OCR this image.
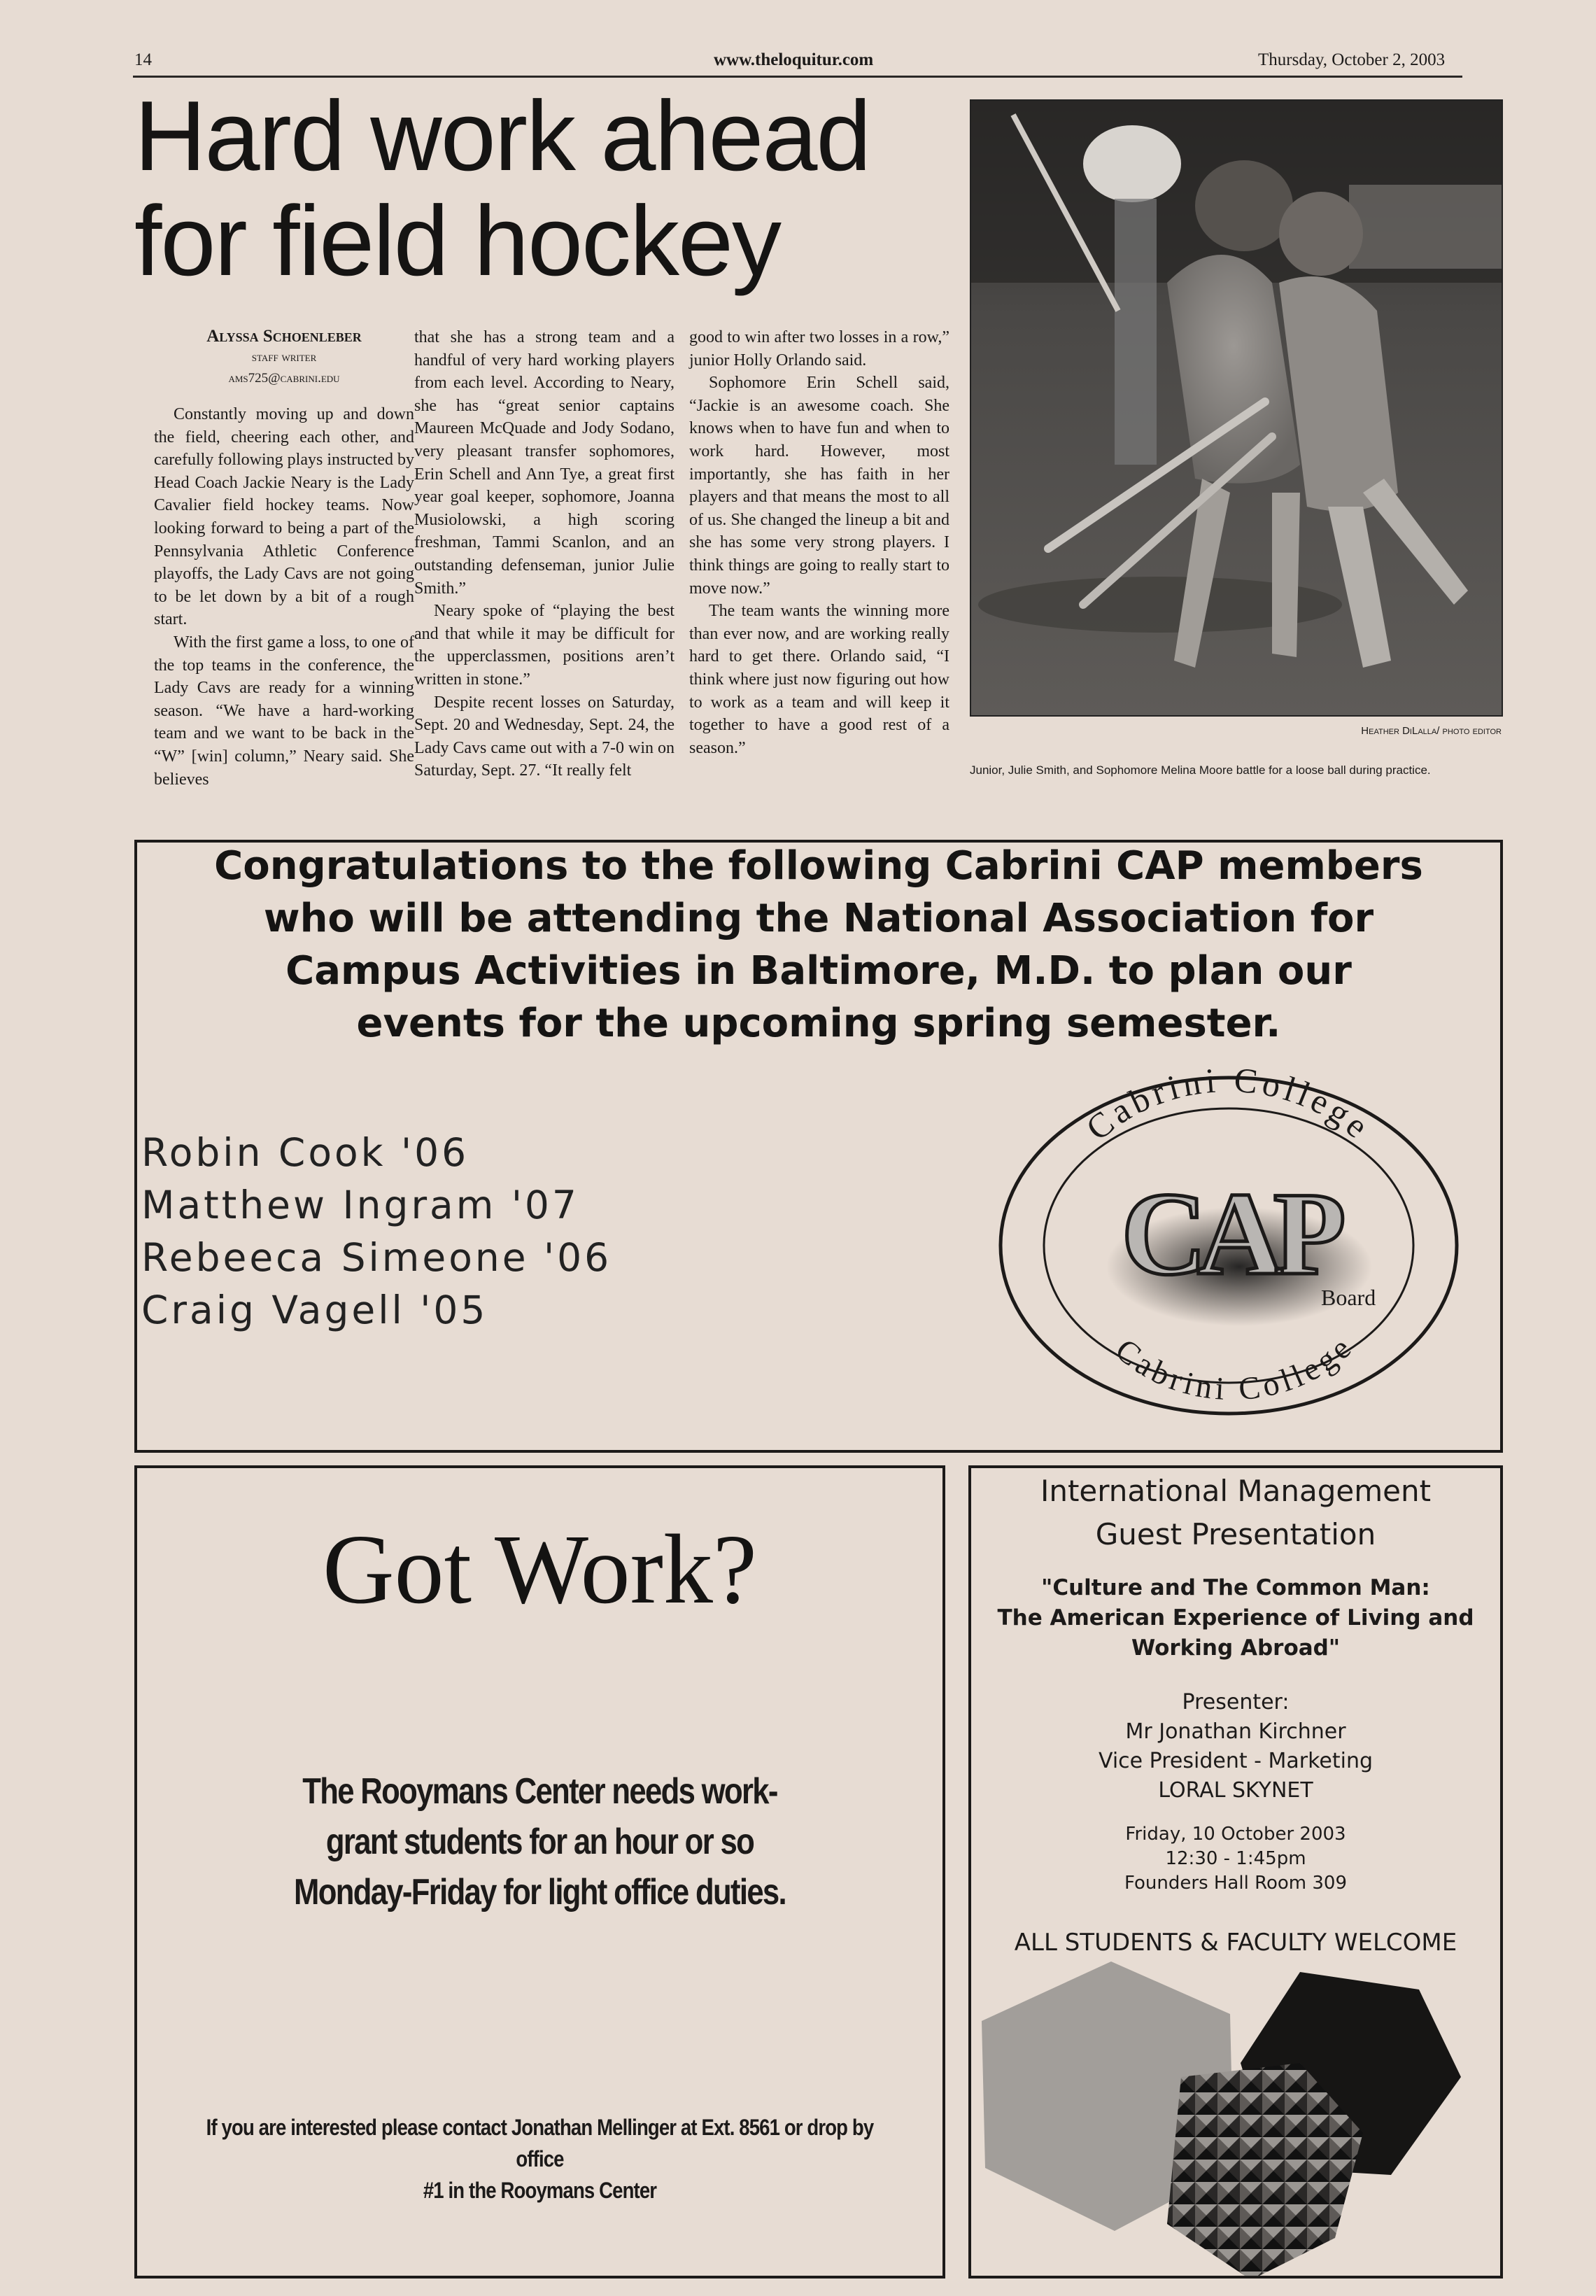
14	www.theloquitur.com	Thursday, October 2, 2003
Hard work ahead
for field hockey
Alyssa Schoenleber
staff writer
ams725@cabrini.edu

Constantly moving up and down the field, cheering each other, and carefully following plays instructed by Head Coach Jackie Neary is the Lady Cavalier field hockey teams. Now looking forward to being a part of the Pennsylvania Athletic Conference playoffs, the Lady Cavs are not going to be let down by a bit of a rough start.

With the first game a loss, to one of the top teams in the conference, the Lady Cavs are ready for a winning season. “We have a hard-working team and we want to be back in the “W” [win] column,” Neary said. She believes

that she has a strong team and a handful of very hard working players from each level. According to Neary, she has “great senior captains Maureen McQuade and Jody Sodano, very pleasant transfer sophomores, Erin Schell and Ann Tye, a great first year goal keeper, sophomore, Joanna Musiolowski, a high scoring freshman, Tammi Scanlon, and an outstanding defenseman, junior Julie Smith.”

Neary spoke of “playing the best and that while it may be difficult for the upperclassmen, positions aren’t written in stone.”

Despite recent losses on Saturday, Sept. 20 and Wednesday, Sept. 24, the Lady Cavs came out with a 7-0 win on Saturday, Sept. 27. “It really felt

good to win after two losses in a row,” junior Holly Orlando said.

Sophomore Erin Schell said, “Jackie is an awesome coach. She knows when to have fun and when to work hard. However, most importantly, she has faith in her players and that means the most to all of us. She changed the lineup a bit and she has some very strong players. I think things are going to really start to move now.”

The team wants the winning more than ever now, and are working really hard to get there. Orlando said, “I think where just now figuring out how to work as a team and will keep it together to have a good rest of a season.”

Heather DiLalla/ photo editor
Junior, Julie Smith, and Sophomore Melina Moore battle for a loose ball during practice.
Congratulations to the following Cabrini CAP members
who will be attending the National Association for
Campus Activities in Baltimore, M.D. to plan our
events for the upcoming spring semester.
Robin Cook '06
Matthew Ingram '07
Rebeeca Simeone '06
Craig Vagell '05
Cabrini College
Cabrini College
CAP
Board
Got Work?
The Rooymans Center needs work-
grant students for an hour or so
Monday-Friday for light office duties.
If you are interested please contact Jonathan Mellinger at Ext. 8561 or drop by office
#1 in the Rooymans Center
International Management
Guest Presentation
"Culture and The Common Man:
The American Experience of Living and
Working Abroad"
Presenter:
Mr Jonathan Kirchner
Vice President - Marketing
LORAL SKYNET
Friday, 10 October 2003
12:30 - 1:45pm
Founders Hall Room 309
ALL STUDENTS & FACULTY WELCOME
